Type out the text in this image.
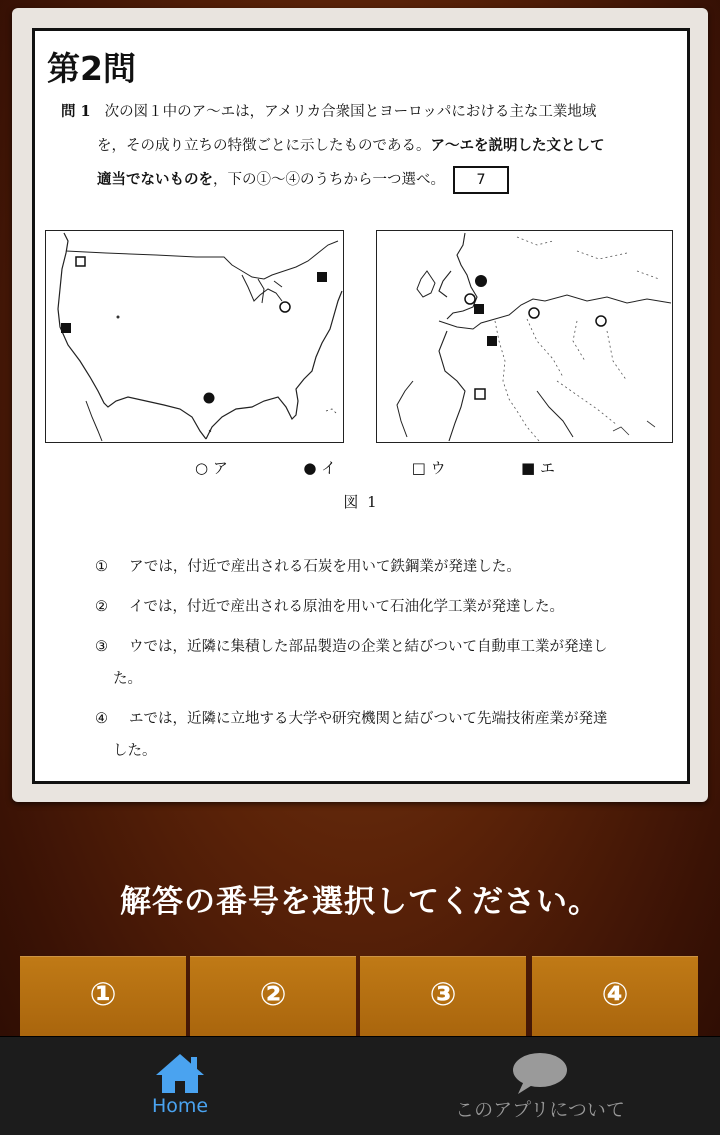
第2問
問 1 次の図１中のア～エは，アメリカ合衆国とヨーロッパにおける主な工業地域
を，その成り立ちの特徴ごとに示したものである。ア～エを説明した文として
適当でないものを，下の①～④のうちから一つ選べ。 7
○ ア	● イ	□ ウ	■ エ
図 1
①	アでは，付近で産出される石炭を用いて鉄鋼業が発達した。
②	イでは，付近で産出される原油を用いて石油化学工業が発達した。
③	ウでは，近隣に集積した部品製造の企業と結びついて自動車工業が発達し
た。
④	エでは，近隣に立地する大学や研究機関と結びついて先端技術産業が発達
した。
解答の番号を選択してください。
①	②	③	④
Home	このアプリについて
